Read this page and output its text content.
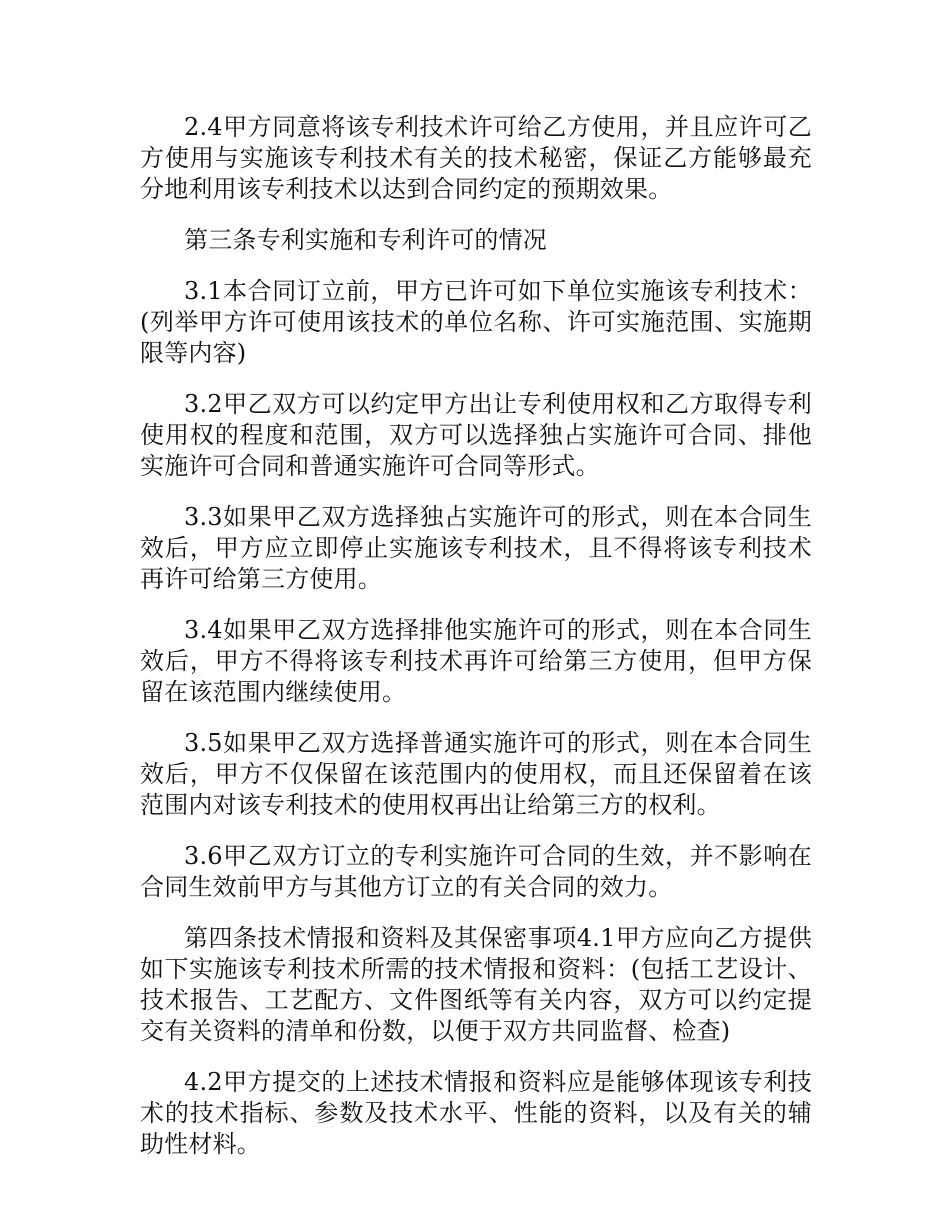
2.4甲方同意将该专利技术许可给乙方使用，并且应许可乙方使用与实施该专利技术有关的技术秘密，保证乙方能够最充分地利用该专利技术以达到合同约定的预期效果。

第三条专利实施和专利许可的情况

3.1本合同订立前，甲方已许可如下单位实施该专利技术：(列举甲方许可使用该技术的单位名称、许可实施范围、实施期限等内容)

3.2甲乙双方可以约定甲方出让专利使用权和乙方取得专利使用权的程度和范围，双方可以选择独占实施许可合同、排他实施许可合同和普通实施许可合同等形式。

3.3如果甲乙双方选择独占实施许可的形式，则在本合同生效后，甲方应立即停止实施该专利技术，且不得将该专利技术再许可给第三方使用。

3.4如果甲乙双方选择排他实施许可的形式，则在本合同生效后，甲方不得将该专利技术再许可给第三方使用，但甲方保留在该范围内继续使用。

3.5如果甲乙双方选择普通实施许可的形式，则在本合同生效后，甲方不仅保留在该范围内的使用权，而且还保留着在该范围内对该专利技术的使用权再出让给第三方的权利。

3.6甲乙双方订立的专利实施许可合同的生效，并不影响在合同生效前甲方与其他方订立的有关合同的效力。

第四条技术情报和资料及其保密事项4.1甲方应向乙方提供如下实施该专利技术所需的技术情报和资料：(包括工艺设计、技术报告、工艺配方、文件图纸等有关内容，双方可以约定提交有关资料的清单和份数，以便于双方共同监督、检查)

4.2甲方提交的上述技术情报和资料应是能够体现该专利技术的技术指标、参数及技术水平、性能的资料，以及有关的辅助性材料。
